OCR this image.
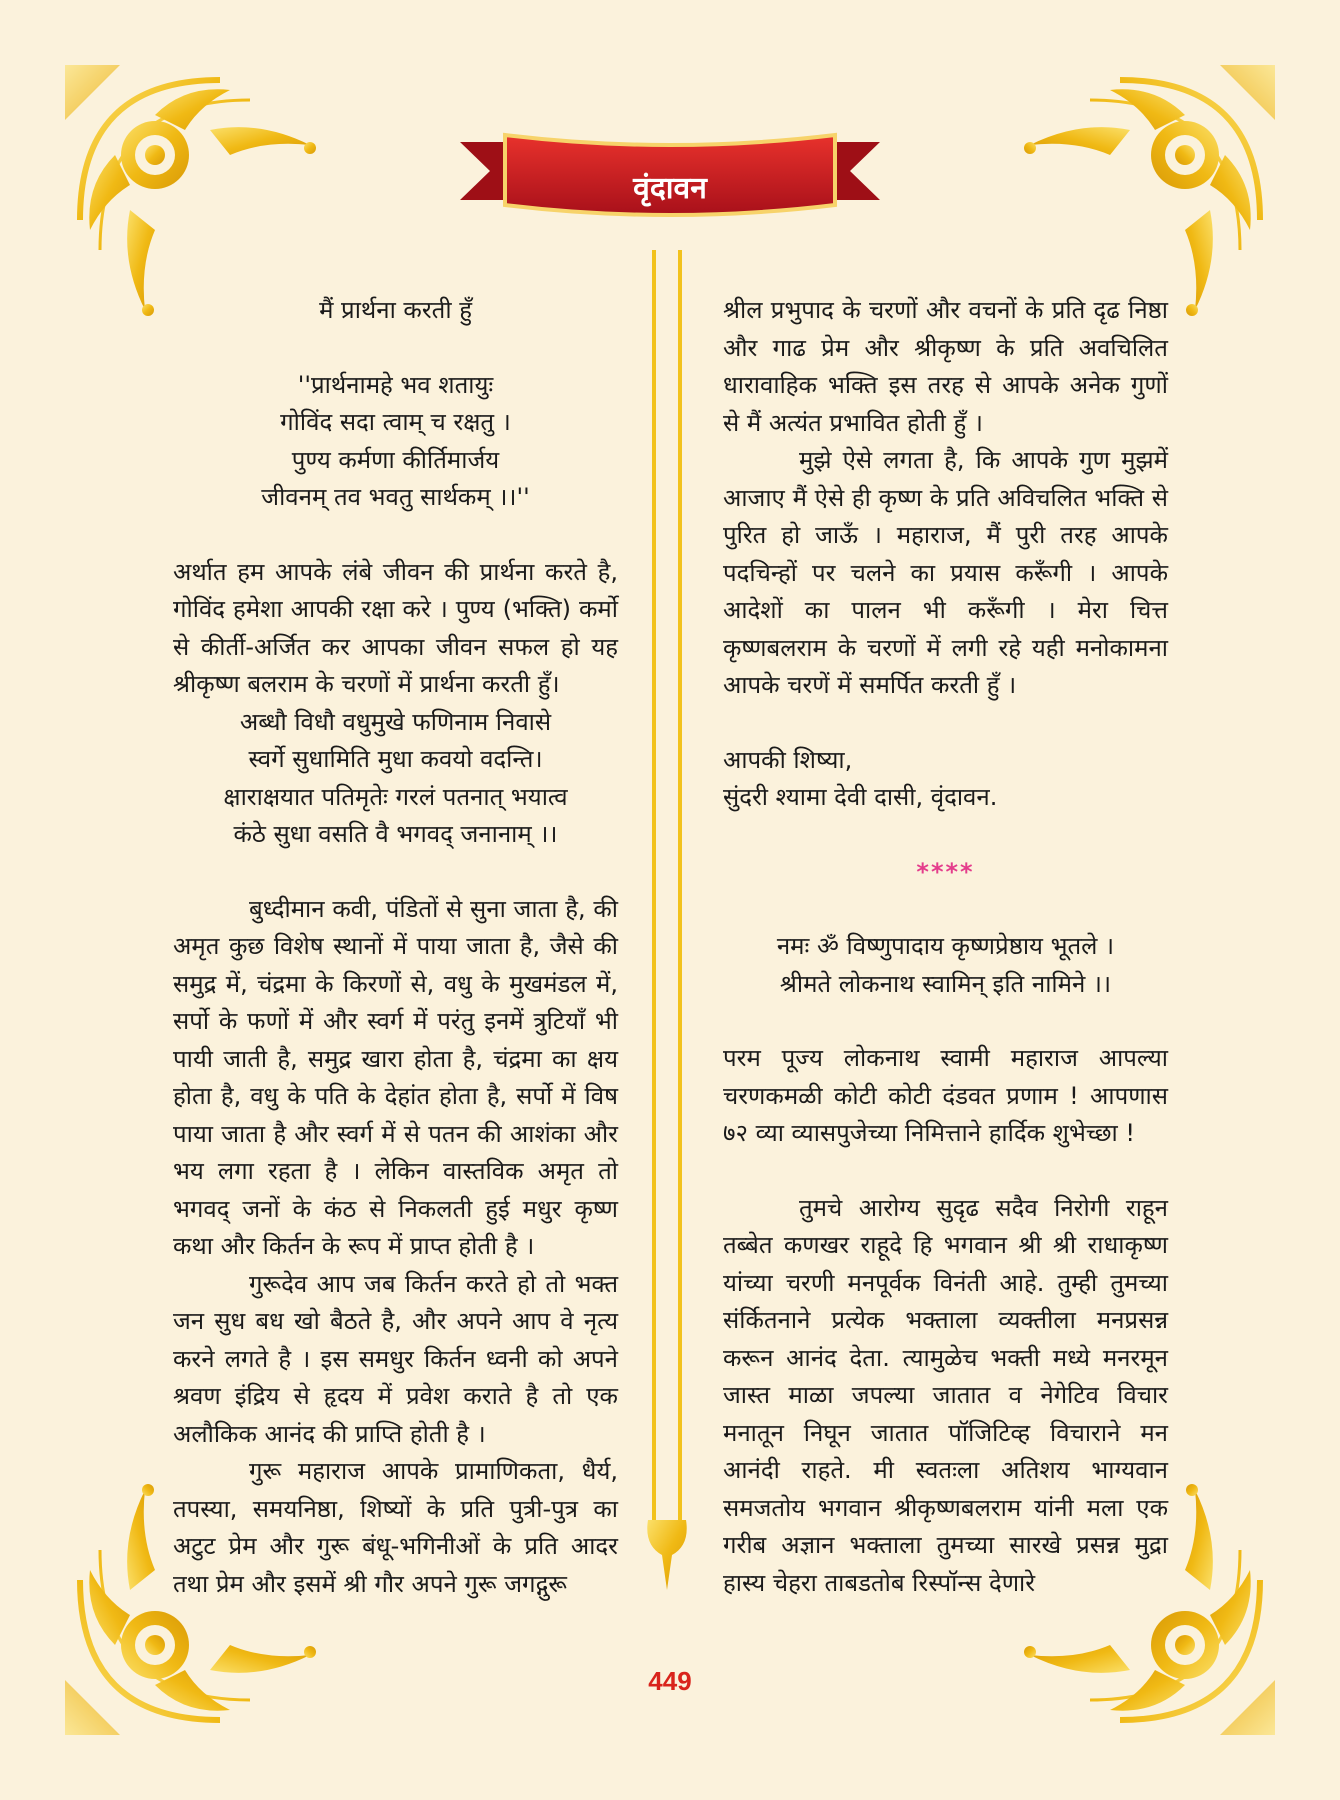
वृंदावन

मैं प्रार्थना करती हुँ

''प्रार्थनामहे भव शतायुः

गोविंद सदा त्वाम् च रक्षतु ।

पुण्य कर्मणा कीर्तिमार्जय

जीवनम् तव भवतु सार्थकम् ।।''

अर्थात हम आपके लंबे जीवन की प्रार्थना करते है, गोविंद हमेशा आपकी रक्षा करे । पुण्य (भक्ति) कर्मो से कीर्ती-अर्जित कर आपका जीवन सफल हो यह श्रीकृष्ण बलराम के चरणों में प्रार्थना करती हुँ।

अब्धौ विधौ वधुमुखे फणिनाम निवासे

स्वर्गे सुधामिति मुधा कवयो वदन्ति।

क्षाराक्षयात पतिमृतेः गरलं पतनात् भयात्व

कंठे सुधा वसति वै भगवद् जनानाम् ।।

बुध्दीमान कवी, पंडितों से सुना जाता है, की अमृत कुछ विशेष स्थानों में पाया जाता है, जैसे की समुद्र में, चंद्रमा के किरणों से, वधु के मुखमंडल में, सर्पो के फणों में और स्वर्ग में परंतु इनमें त्रुटियाँ भी पायी जाती है, समुद्र खारा होता है, चंद्रमा का क्षय होता है, वधु के पति के देहांत होता है, सर्पो में विष पाया जाता है और स्वर्ग में से पतन की आशंका और भय लगा रहता है । लेकिन वास्तविक अमृत तो भगवद् जनों के कंठ से निकलती हुई मधुर कृष्ण कथा और किर्तन के रूप में प्राप्त होती है ।

गुरूदेव आप जब किर्तन करते हो तो भक्त जन सुध बध खो बैठते है, और अपने आप वे नृत्य करने लगते है । इस समधुर किर्तन ध्वनी को अपने श्रवण इंद्रिय से हृदय में प्रवेश कराते है तो एक अलौकिक आनंद की प्राप्ति होती है ।

गुरू महाराज आपके प्रामाणिकता, धैर्य, तपस्या, समयनिष्ठा, शिष्यों के प्रति पुत्री-पुत्र का अटुट प्रेम और गुरू बंधू-भगिनीओं के प्रति आदर तथा प्रेम और इसमें श्री गौर अपने गुरू जगद्गुरू

श्रील प्रभुपाद के चरणों और वचनों के प्रति दृढ निष्ठा और गाढ प्रेम और श्रीकृष्ण के प्रति अवचिलित धारावाहिक भक्ति इस तरह से आपके अनेक गुणों से मैं अत्यंत प्रभावित होती हुँ ।

मुझे ऐसे लगता है, कि आपके गुण मुझमें आजाए मैं ऐसे ही कृष्ण के प्रति अविचलित भक्ति से पुरित हो जाऊँ । महाराज, मैं पुरी तरह आपके पदचिन्हों पर चलने का प्रयास करूँगी । आपके आदेशों का पालन भी करूँगी । मेरा चित्त कृष्णबलराम के चरणों में लगी रहे यही मनोकामना आपके चरणें में समर्पित करती हुँ ।

आपकी शिष्या,

सुंदरी श्यामा देवी दासी, वृंदावन.

****

नमः ॐ विष्णुपादाय कृष्णप्रेष्ठाय भूतले ।

श्रीमते लोकनाथ स्वामिन् इति नामिने ।।

परम पूज्य लोकनाथ स्वामी महाराज आपल्या चरणकमळी कोटी कोटी दंडवत प्रणाम ! आपणास ७२ व्या व्यासपुजेच्या निमित्ताने हार्दिक शुभेच्छा !

तुमचे आरोग्य सुदृढ सदैव निरोगी राहून तब्बेत कणखर राहूदे हि भगवान श्री श्री राधाकृष्ण यांच्या चरणी मनपूर्वक विनंती आहे. तुम्ही तुमच्या संर्कितनाने प्रत्येक भक्ताला व्यक्तीला मनप्रसन्न करून आनंद देता. त्यामुळेच भक्ती मध्ये मनरमून जास्त माळा जपल्या जातात व नेगेटिव विचार मनातून निघून जातात पॉजिटिव्ह विचाराने मन आनंदी राहते. मी स्वतःला अतिशय भाग्यवान समजतोय भगवान श्रीकृष्णबलराम यांनी मला एक गरीब अज्ञान भक्ताला तुमच्या सारखे प्रसन्न मुद्रा हास्य चेहरा ताबडतोब रिस्पॉन्स देणारे

449
